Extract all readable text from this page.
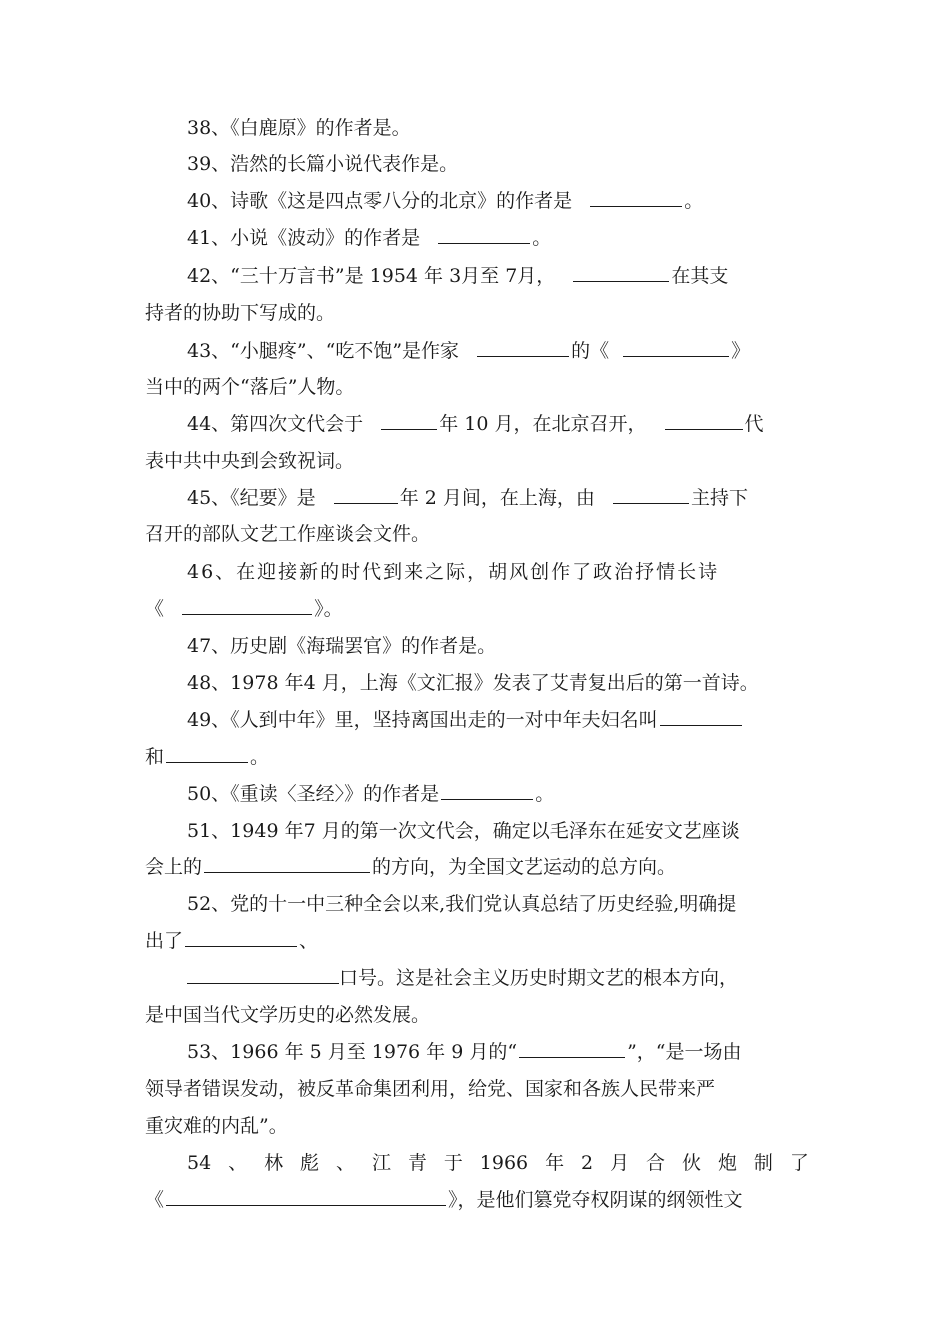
38、《白鹿原》的作者是。
39、浩然的长篇小说代表作是。
40、诗歌《这是四点零八分的北京》的作者是	。
41、小说《波动》的作者是	。
42、“三十万言书”是 1954 年 3月至 7月，	在其支
持者的协助下写成的。
43、“小腿疼”、“吃不饱”是作家	的《	》
当中的两个“落后”人物。
44、第四次文代会于	年 10 月，在北京召开，	代
表中共中央到会致祝词。
45、《纪要》是	年 2 月间，在上海，由	主持下
召开的部队文艺工作座谈会文件。
46、在迎接新的时代到来之际，胡风创作了政治抒情长诗
《	》。
47、历史剧《海瑞罢官》的作者是。
48、1978 年4 月，上海《文汇报》发表了艾青复出后的第一首诗。
49、《人到中年》里，坚持离国出走的一对中年夫妇名叫
和	。
50、《重读〈圣经〉》的作者是	。
51、1949 年7 月的第一次文代会，确定以毛泽东在延安文艺座谈
会上的	的方向，为全国文艺运动的总方向。
52、党的十一中三种全会以来,我们党认真总结了历史经验,明确提
出了	、
口号。这是社会主义历史时期文艺的根本方向，
是中国当代文学历史的必然发展。
53、1966 年 5 月至 1976 年 9 月的“	”，“是一场由
领导者错误发动，被反革命集团利用，给党、国家和各族人民带来严
重灾难的内乱”。
54 、 林 彪 、 江 青 于 1966 年 2 月 合 伙 炮 制 了
《	》，是他们篡党夺权阴谋的纲领性文
